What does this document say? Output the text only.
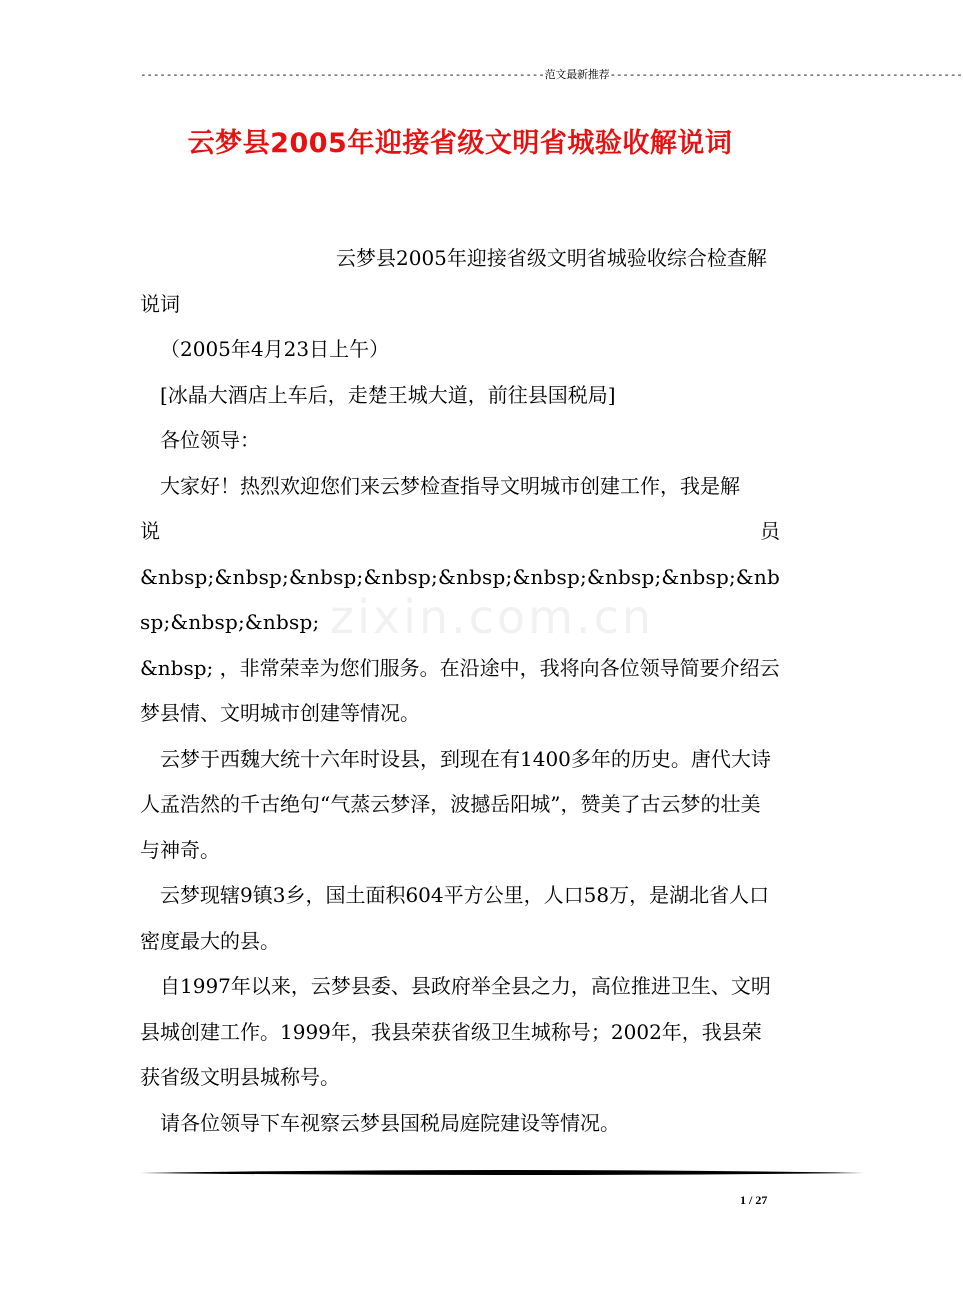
---------------------------------------------------------------范文最新推荐-------------------------------------------------------
云梦县2005年迎接省级文明省城验收解说词
zixin.com.cn

云梦县2005年迎接省级文明省城验收综合检查解说词

（2005年4月23日上午）

[冰晶大酒店上车后，走楚王城大道，前往县国税局]

各位领导：

大家好！热烈欢迎您们来云梦检查指导文明城市创建工作，我是解

说　　　　　　　　　　　　　　　　　　　　　　　　　　　　员

&nbsp;&nbsp;&nbsp;&nbsp;&nbsp;&nbsp;&nbsp;&nbsp;&nbsp;&nbsp;&nbsp;

&nbsp; ，非常荣幸为您们服务。在沿途中，我将向各位领导简要介绍云梦县情、文明城市创建等情况。

云梦于西魏大统十六年时设县，到现在有1400多年的历史。唐代大诗人孟浩然的千古绝句“气蒸云梦泽，波撼岳阳城”，赞美了古云梦的壮美与神奇。

云梦现辖9镇3乡，国土面积604平方公里，人口58万，是湖北省人口密度最大的县。

自1997年以来，云梦县委、县政府举全县之力，高位推进卫生、文明县城创建工作。1999年，我县荣获省级卫生城称号；2002年，我县荣获省级文明县城称号。

请各位领导下车视察云梦县国税局庭院建设等情况。

1 / 27
